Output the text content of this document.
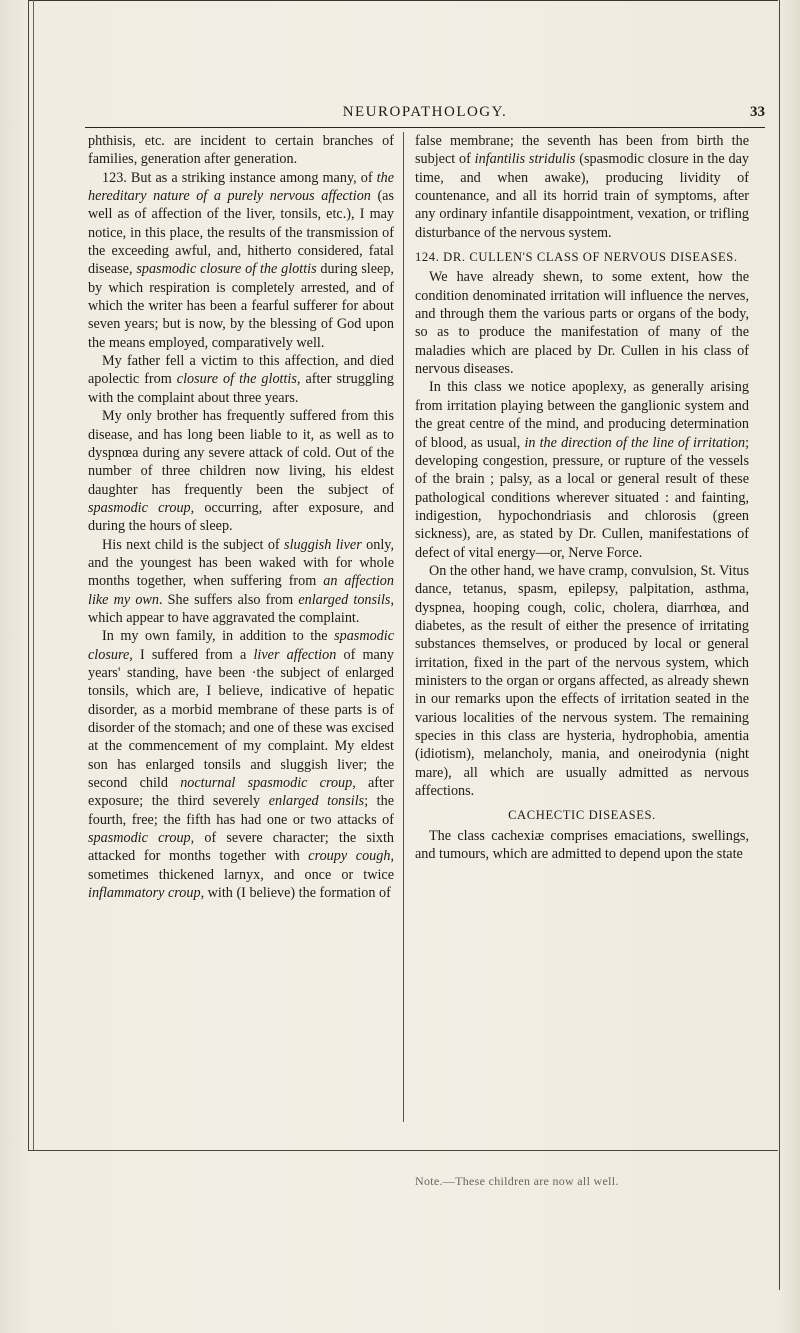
NEUROPATHOLOGY.	33

phthisis, etc. are incident to certain branches of families, generation after generation.

123. But as a striking instance among many, of the hereditary nature of a purely nervous affection (as well as of affection of the liver, tonsils, etc.), I may notice, in this place, the results of the transmission of the exceeding awful, and, hitherto considered, fatal disease, spasmodic closure of the glottis during sleep, by which respiration is completely arrested, and of which the writer has been a fearful sufferer for about seven years; but is now, by the blessing of God upon the means employed, comparatively well.

My father fell a victim to this affection, and died apolectic from closure of the glottis, after struggling with the complaint about three years.

My only brother has frequently suffered from this disease, and has long been liable to it, as well as to dyspnœa during any severe attack of cold. Out of the number of three children now living, his eldest daughter has frequently been the subject of spasmodic croup, occurring, after exposure, and during the hours of sleep.

His next child is the subject of sluggish liver only, and the youngest has been waked with for whole months together, when suffering from an affection like my own. She suffers also from enlarged tonsils, which appear to have aggravated the complaint.

In my own family, in addition to the spasmodic closure, I suffered from a liver affection of many years' standing, have been ·the subject of enlarged tonsils, which are, I believe, indicative of hepatic disorder, as a morbid membrane of these parts is of disorder of the stomach; and one of these was excised at the commencement of my complaint. My eldest son has enlarged tonsils and sluggish liver; the second child nocturnal spasmodic croup, after exposure; the third severely enlarged tonsils; the fourth, free; the fifth has had one or two attacks of spasmodic croup, of severe character; the sixth attacked for months together with croupy cough, sometimes thickened larnyx, and once or twice inflammatory croup, with (I believe) the formation of

false membrane; the seventh has been from birth the subject of infantilis stridulis (spasmodic closure in the day time, and when awake), producing lividity of countenance, and all its horrid train of symptoms, after any ordinary infantile disappointment, vexation, or trifling disturbance of the nervous system.

124. DR. CULLEN'S CLASS OF NERVOUS DISEASES.

We have already shewn, to some extent, how the condition denominated irritation will influence the nerves, and through them the various parts or organs of the body, so as to produce the manifestation of many of the maladies which are placed by Dr. Cullen in his class of nervous diseases.

In this class we notice apoplexy, as generally arising from irritation playing between the ganglionic system and the great centre of the mind, and producing determination of blood, as usual, in the direction of the line of irritation; developing congestion, pressure, or rupture of the vessels of the brain ; palsy, as a local or general result of these pathological conditions wherever situated : and fainting, indigestion, hypochondriasis and chlorosis (green sickness), are, as stated by Dr. Cullen, manifestations of defect of vital energy—or, Nerve Force.

On the other hand, we have cramp, convulsion, St. Vitus dance, tetanus, spasm, epilepsy, palpitation, asthma, dyspnea, hooping cough, colic, cholera, diarrhœa, and diabetes, as the result of either the presence of irritating substances themselves, or produced by local or general irritation, fixed in the part of the nervous system, which ministers to the organ or organs affected, as already shewn in our remarks upon the effects of irritation seated in the various localities of the nervous system. The remaining species in this class are hysteria, hydrophobia, amentia (idiotism), melancholy, mania, and oneirodynia (night mare), all which are usually admitted as nervous affections.

CACHECTIC DISEASES.

The class cachexiæ comprises emaciations, swellings, and tumours, which are admitted to depend upon the state

Note.—These children are now all well.
